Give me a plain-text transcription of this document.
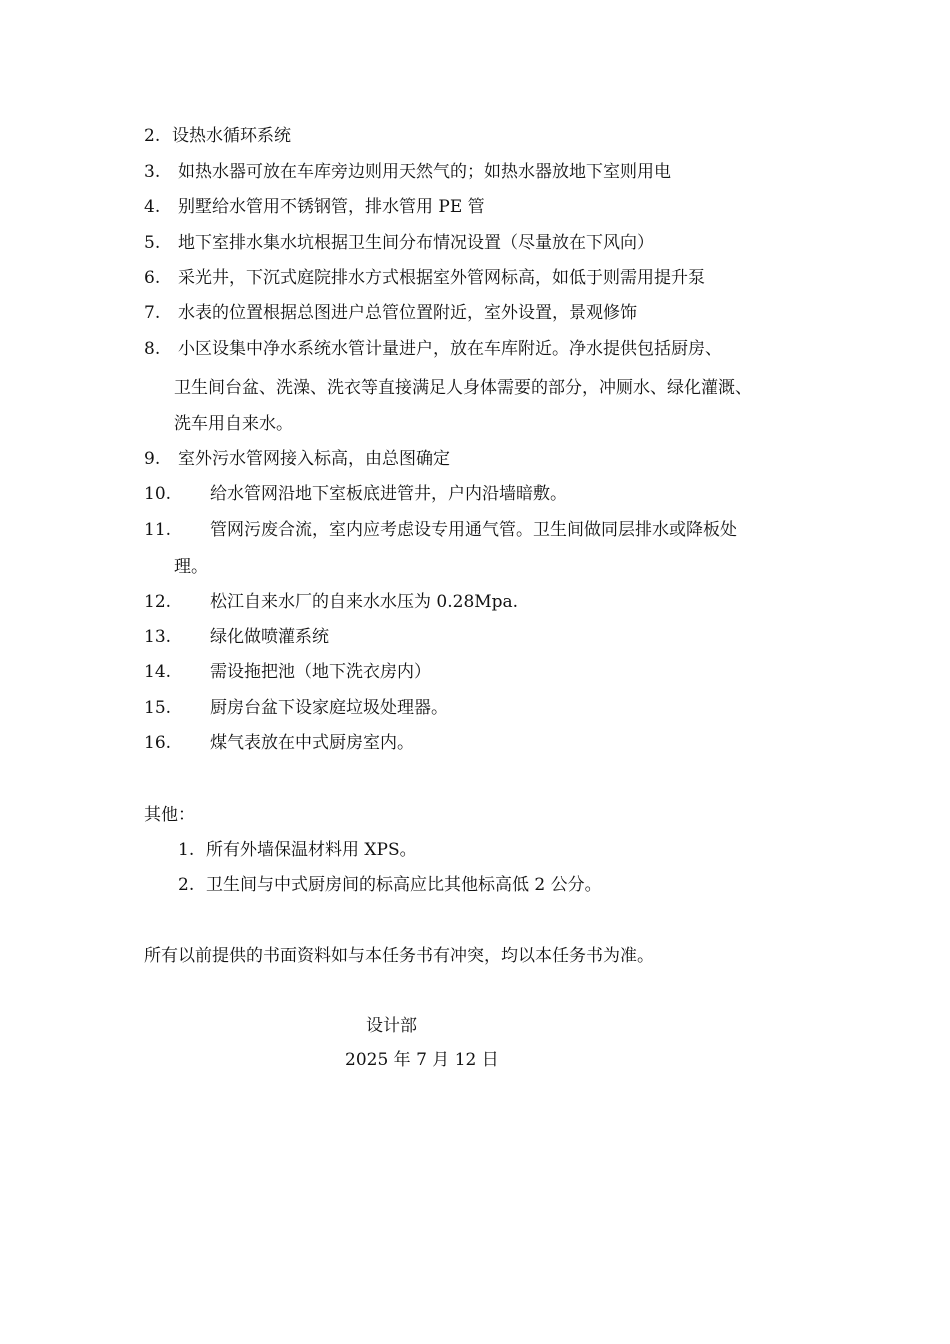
2. 设热水循环系统
3. 如热水器可放在车库旁边则用天然气的；如热水器放地下室则用电
4. 别墅给水管用不锈钢管，排水管用 PE 管
5. 地下室排水集水坑根据卫生间分布情况设置（尽量放在下风向）
6. 采光井，下沉式庭院排水方式根据室外管网标高，如低于则需用提升泵
7. 水表的位置根据总图进户总管位置附近，室外设置，景观修饰
8. 小区设集中净水系统水管计量进户，放在车库附近。净水提供包括厨房、
卫生间台盆、洗澡、洗衣等直接满足人身体需要的部分，冲厕水、绿化灌溉、
洗车用自来水。
9. 室外污水管网接入标高，由总图确定
10. 给水管网沿地下室板底进管井，户内沿墙暗敷。
11. 管网污废合流，室内应考虑设专用通气管。卫生间做同层排水或降板处
理。
12. 松江自来水厂的自来水水压为 0.28Mpa.
13. 绿化做喷灌系统
14. 需设拖把池（地下洗衣房内）
15. 厨房台盆下设家庭垃圾处理器。
16. 煤气表放在中式厨房室内。
其他：
1. 所有外墙保温材料用 XPS。
2. 卫生间与中式厨房间的标高应比其他标高低 2 公分。
所有以前提供的书面资料如与本任务书有冲突，均以本任务书为准。
设计部
2025 年 7 月 12 日
